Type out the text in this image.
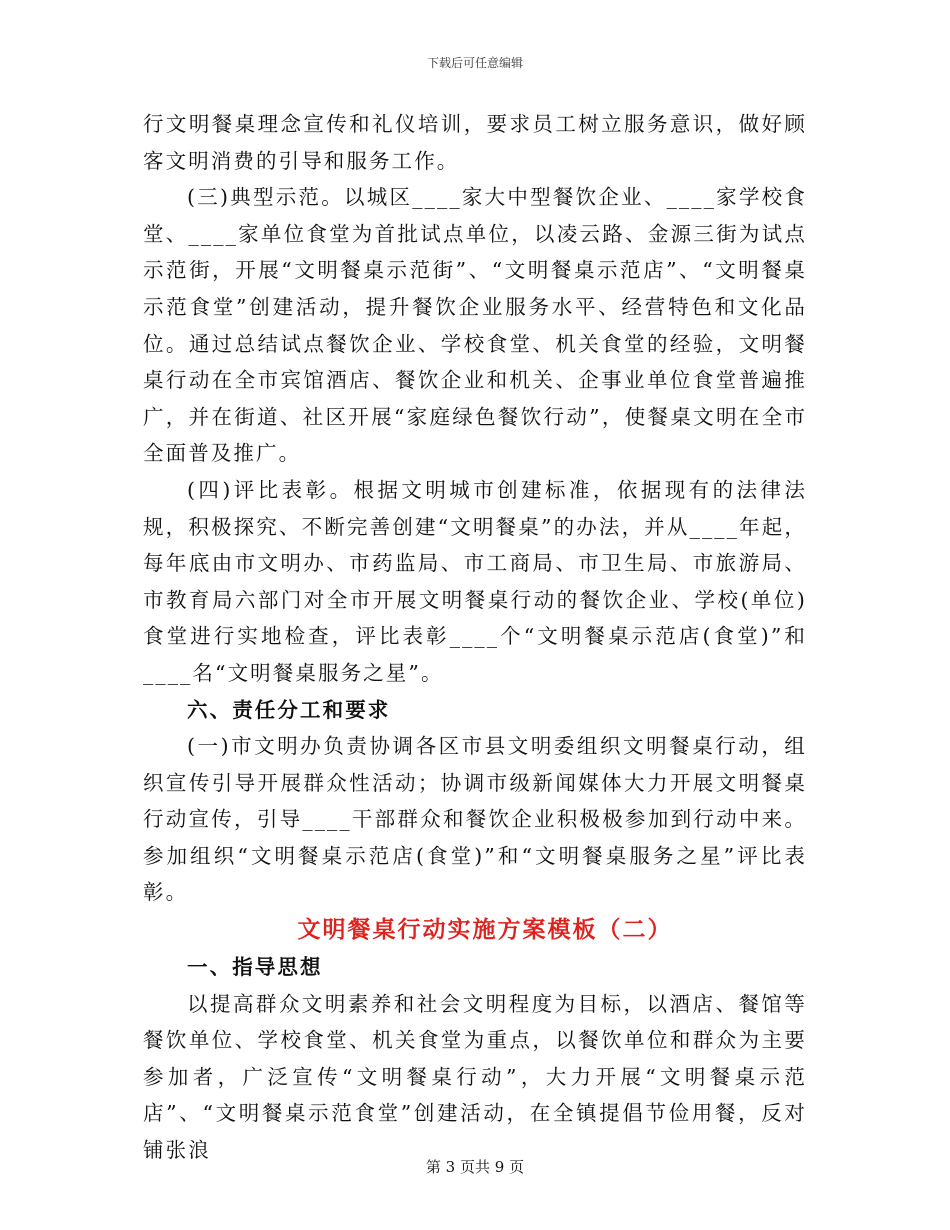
下载后可任意编辑

行文明餐桌理念宣传和礼仪培训，要求员工树立服务意识，做好顾客文明消费的引导和服务工作。

(三)典型示范。以城区____家大中型餐饮企业、____家学校食堂、____家单位食堂为首批试点单位，以凌云路、金源三街为试点示范街，开展“文明餐桌示范街”、“文明餐桌示范店”、“文明餐桌示范食堂”创建活动，提升餐饮企业服务水平、经营特色和文化品位。通过总结试点餐饮企业、学校食堂、机关食堂的经验，文明餐桌行动在全市宾馆酒店、餐饮企业和机关、企事业单位食堂普遍推广，并在街道、社区开展“家庭绿色餐饮行动”，使餐桌文明在全市全面普及推广。

(四)评比表彰。根据文明城市创建标准，依据现有的法律法规，积极探究、不断完善创建“文明餐桌”的办法，并从____年起，每年底由市文明办、市药监局、市工商局、市卫生局、市旅游局、市教育局六部门对全市开展文明餐桌行动的餐饮企业、学校(单位)食堂进行实地检查，评比表彰____个“文明餐桌示范店(食堂)”和____名“文明餐桌服务之星”。

六、责任分工和要求

(一)市文明办负责协调各区市县文明委组织文明餐桌行动，组织宣传引导开展群众性活动；协调市级新闻媒体大力开展文明餐桌行动宣传，引导____干部群众和餐饮企业积极极参加到行动中来。参加组织“文明餐桌示范店(食堂)”和“文明餐桌服务之星”评比表彰。

文明餐桌行动实施方案模板（二）

一、指导思想

以提高群众文明素养和社会文明程度为目标，以酒店、餐馆等餐饮单位、学校食堂、机关食堂为重点，以餐饮单位和群众为主要参加者，广泛宣传“文明餐桌行动”，大力开展“文明餐桌示范店”、“文明餐桌示范食堂”创建活动，在全镇提倡节俭用餐，反对铺张浪

第 3 页共 9 页
